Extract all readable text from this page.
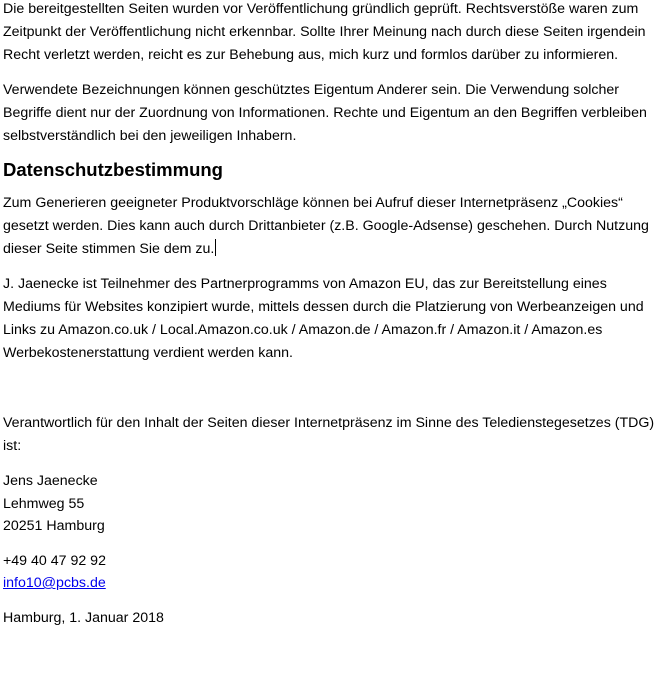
Die bereitgestellten Seiten wurden vor Veröffentlichung gründlich geprüft. Rechtsverstöße waren zum Zeitpunkt der Veröffentlichung nicht erkennbar. Sollte Ihrer Meinung nach durch diese Seiten irgendein Recht verletzt werden, reicht es zur Behebung aus, mich kurz und formlos darüber zu informieren.

Verwendete Bezeichnungen können geschütztes Eigentum Anderer sein. Die Verwendung solcher Begriffe dient nur der Zuordnung von Informationen. Rechte und Eigentum an den Begriffen verbleiben selbstverständlich bei den jeweiligen Inhabern.

Datenschutzbestimmung

Zum Generieren geeigneter Produktvorschläge können bei Aufruf dieser Internetpräsenz „Cookies“ gesetzt werden. Dies kann auch durch Drittanbieter (z.B. Google-Adsense) geschehen. Durch Nutzung dieser Seite stimmen Sie dem zu.

J. Jaenecke ist Teilnehmer des Partnerprogramms von Amazon EU, das zur Bereitstellung eines Mediums für Websites konzipiert wurde, mittels dessen durch die Platzierung von Werbeanzeigen und Links zu Amazon.co.uk / Local.Amazon.co.uk / Amazon.de / Amazon.fr / Amazon.it / Amazon.es Werbekostenerstattung verdient werden kann.

Verantwortlich für den Inhalt der Seiten dieser Internetpräsenz im Sinne des Teledienstegesetzes (TDG) ist:

Jens Jaenecke

Lehmweg 55

20251 Hamburg

+49 40 47 92 92

info10@pcbs.de

Hamburg, 1. Januar 2018
